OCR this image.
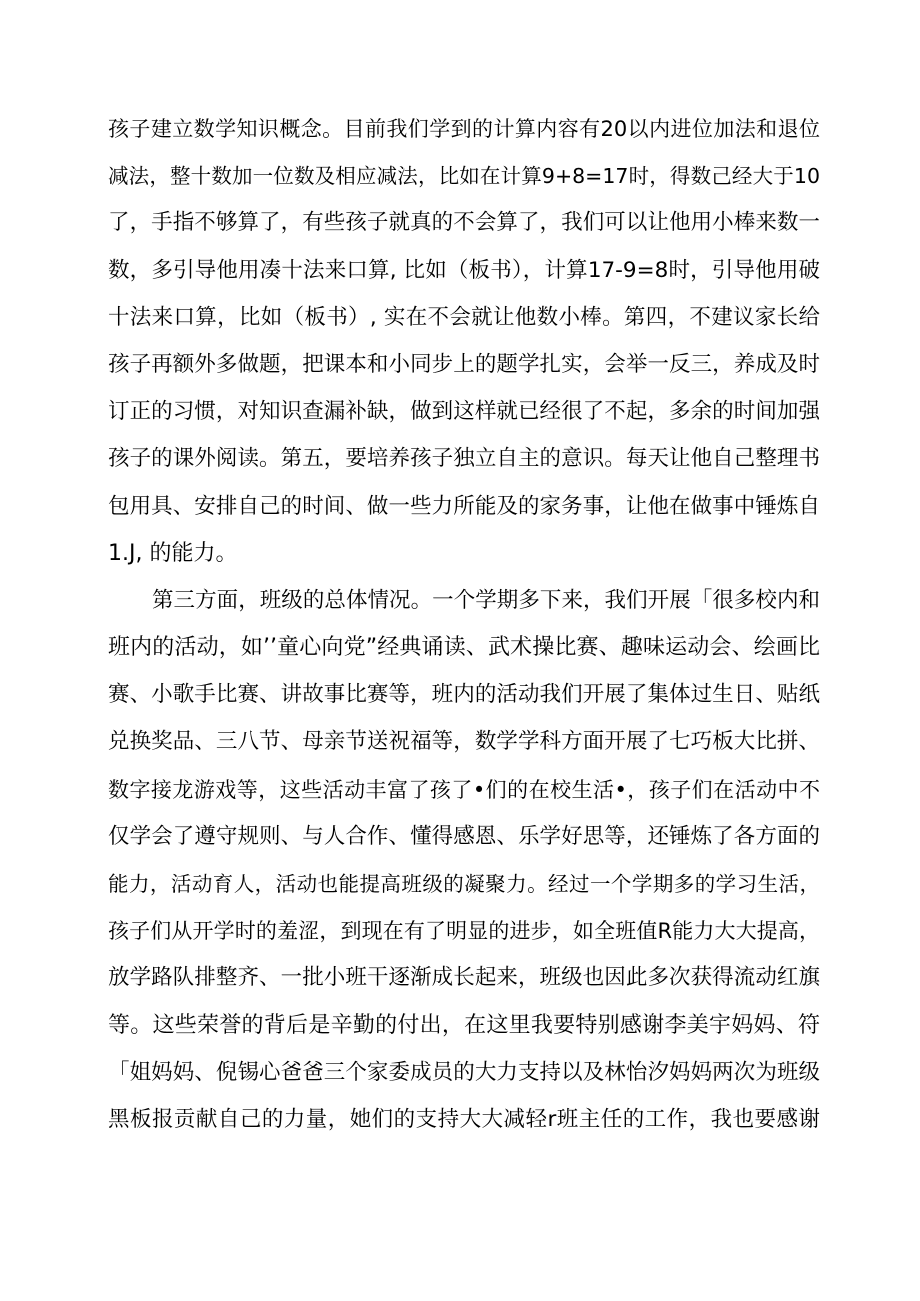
孩子建立数学知识概念。目前我们学到的计算内容有20以内进位加法和退位
减法，整十数加一位数及相应减法，比如在计算9+8=17时，得数己经大于10
了，手指不够算了，有些孩子就真的不会算了，我们可以让他用小棒来数一
数，多引导他用凑十法来口算, 比如（板书），计算17-9=8时，引导他用破
十法来口算，比如（板书）, 实在不会就让他数小棒。第四，不建议家长给
孩子再额外多做题，把课本和小同步上的题学扎实，会举一反三，养成及时
订正的习惯，对知识查漏补缺，做到这样就已经很了不起，多余的时间加强
孩子的课外阅读。第五，要培养孩子独立自主的意识。每天让他自己整理书
包用具、安排自己的时间、做一些力所能及的家务事，让他在做事中锤炼自
1.J, 的能力。
第三方面，班级的总体情况。一个学期多下来，我们开展「很多校内和
班内的活动，如’’童心向党”经典诵读、武术操比赛、趣味运动会、绘画比
赛、小歌手比赛、讲故事比赛等，班内的活动我们开展了集体过生日、贴纸
兑换奖品、三八节、母亲节送祝福等，数学学科方面开展了七巧板大比拼、
数字接龙游戏等，这些活动丰富了孩了•们的在校生活•，孩子们在活动中不
仅学会了遵守规则、与人合作、懂得感恩、乐学好思等，还锤炼了各方面的
能力，活动育人，活动也能提高班级的凝聚力。经过一个学期多的学习生活，
孩子们从开学时的羞涩，到现在有了明显的进步，如全班值R能力大大提高，
放学路队排整齐、一批小班干逐渐成长起来，班级也因此多次获得流动红旗
等。这些荣誉的背后是辛勤的付出，在这里我要特别感谢李美宇妈妈、符
「姐妈妈、倪锡心爸爸三个家委成员的大力支持以及林怡汐妈妈两次为班级
黑板报贡献自己的力量，她们的支持大大减轻r班主任的工作，我也要感谢
